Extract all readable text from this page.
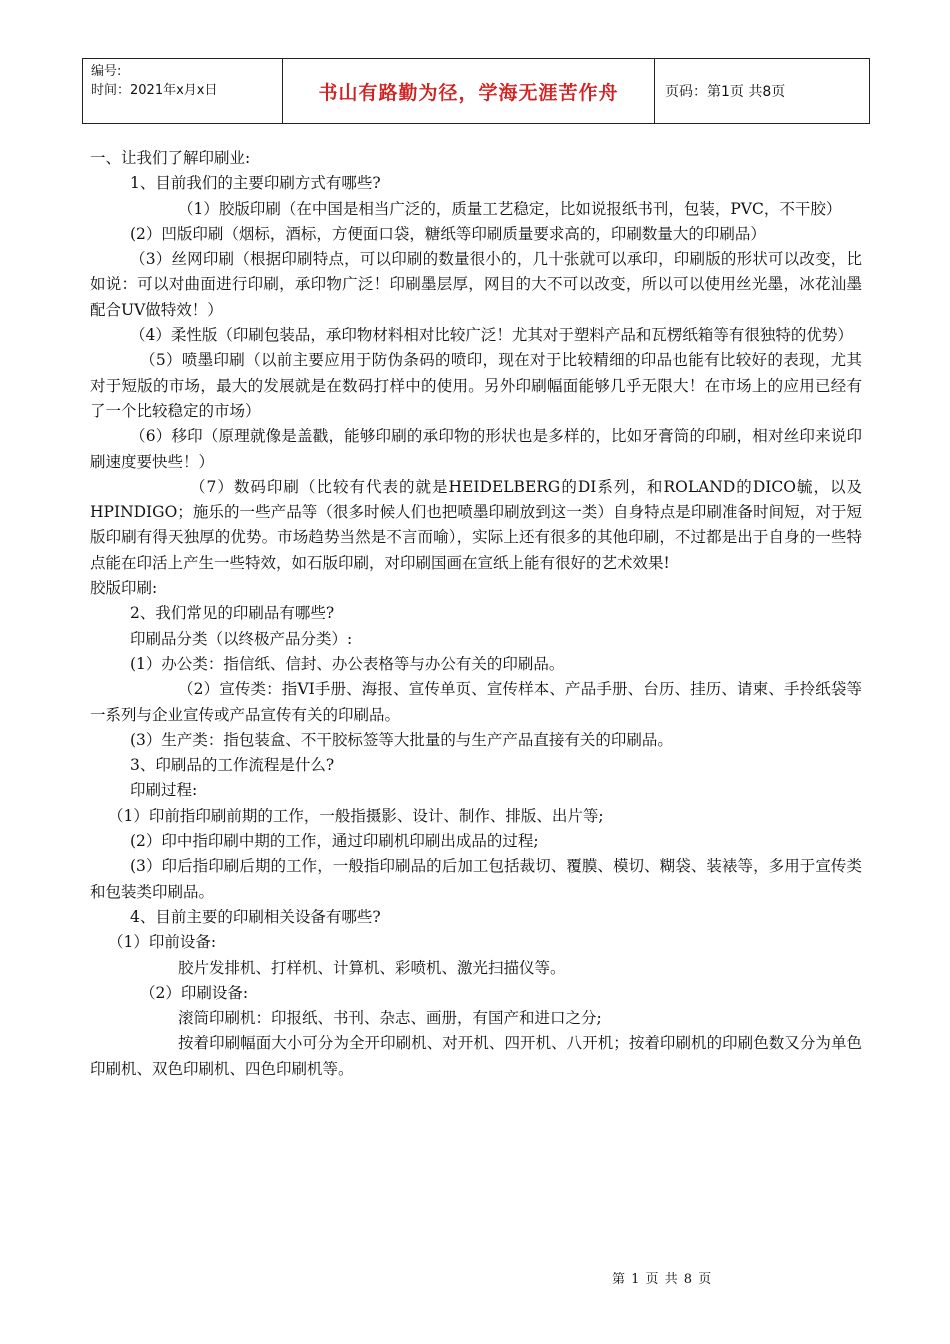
编号:
时间：2021年x月x日	书山有路勤为径，学海无涯苦作舟	页码：第1页 共8页

一、让我们了解印刷业:

1、目前我们的主要印刷方式有哪些?

（1）胶版印刷（在中国是相当广泛的，质量工艺稳定，比如说报纸书刊，包装，PVC，不干胶）

(2）凹版印刷（烟标，酒标，方便面口袋，糖纸等印刷质量要求高的，印刷数量大的印刷品）

（3）丝网印刷（根据印刷特点，可以印刷的数量很小的，几十张就可以承印，印刷版的形状可以改变，比如说：可以对曲面进行印刷，承印物广泛！印刷墨层厚，网目的大不可以改变，所以可以使用丝光墨，冰花汕墨配合UV做特效！）

（4）柔性版（印刷包装品，承印物材料相对比较广泛！尤其对于塑料产品和瓦楞纸箱等有很独特的优势）

（5）喷墨印刷（以前主要应用于防伪条码的喷印，现在对于比较精细的印品也能有比较好的表现，尤其对于短版的市场，最大的发展就是在数码打样中的使用。另外印刷幅面能够几乎无限大！在市场上的应用已经有了一个比较稳定的市场）

（6）移印（原理就像是盖戳，能够印刷的承印物的形状也是多样的，比如牙膏筒的印刷，相对丝印来说印刷速度要快些！）

（7）数码印刷（比较有代表的就是HEIDELBERG的DI系列，和ROLAND的DICO毓，以及HPINDIGO；施乐的一些产品等（很多时候人们也把喷墨印刷放到这一类）自身特点是印刷准备时间短，对于短版印刷有得天独厚的优势。市场趋势当然是不言而喻），实际上还有很多的其他印刷，不过都是出于自身的一些特点能在印活上产生一些特效，如石版印刷，对印刷国画在宣纸上能有很好的艺术效果!

胶版印刷:

2、我们常见的印刷品有哪些?

印刷品分类（以终极产品分类）:

(1）办公类：指信纸、信封、办公表格等与办公有关的印刷品。

（2）宣传类：指VI手册、海报、宣传单页、宣传样本、产品手册、台历、挂历、请柬、手拎纸袋等一系列与企业宣传或产品宣传有关的印刷品。

(3）生产类：指包装盒、不干胶标签等大批量的与生产产品直接有关的印刷品。

3、印刷品的工作流程是什么?

印刷过程:

（1）印前指印刷前期的工作，一般指摄影、设计、制作、排版、出片等;

(2）印中指印刷中期的工作，通过印刷机印刷出成品的过程;

(3）印后指印刷后期的工作，一般指印刷品的后加工包括裁切、覆膜、模切、糊袋、装裱等，多用于宣传类和包装类印刷品。

4、目前主要的印刷相关设备有哪些?

（1）印前设备:

胶片发排机、打样机、计算机、彩喷机、激光扫描仪等。

（2）印刷设备:

滚筒印刷机：印报纸、书刊、杂志、画册，有国产和进口之分;

按着印刷幅面大小可分为全开印刷机、对开机、四开机、八开机；按着印刷机的印刷色数又分为单色印刷机、双色印刷机、四色印刷机等。

第 1 页 共 8 页
